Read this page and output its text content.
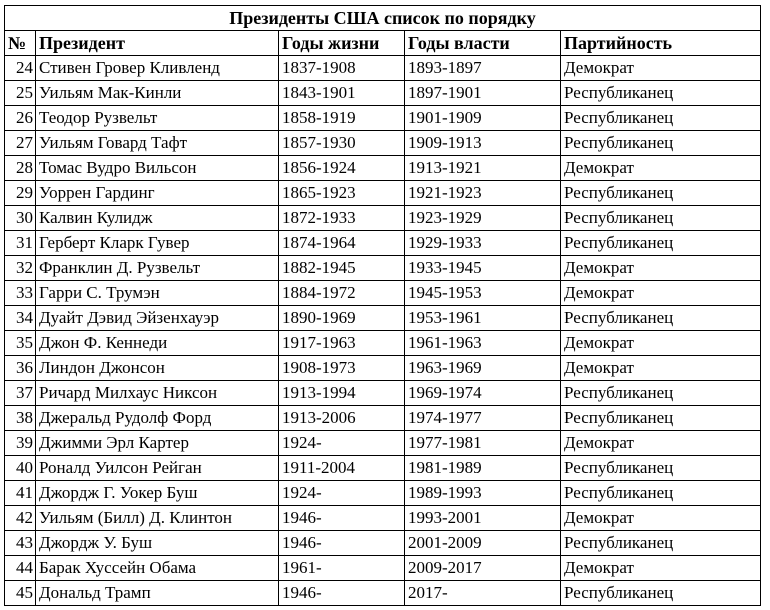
Президенты США список по порядку				
№	Президент	Годы жизни	Годы власти	Партийность
24	Стивен Гровер Кливленд	1837-1908	1893-1897	Демократ
25	Уильям Мак-Кинли	1843-1901	1897-1901	Республиканец
26	Теодор Рузвельт	1858-1919	1901-1909	Республиканец
27	Уильям Говард Тафт	1857-1930	1909-1913	Республиканец
28	Томас Вудро Вильсон	1856-1924	1913-1921	Демократ
29	Уоррен Гардинг	1865-1923	1921-1923	Республиканец
30	Калвин Кулидж	1872-1933	1923-1929	Республиканец
31	Герберт Кларк Гувер	1874-1964	1929-1933	Республиканец
32	Франклин Д. Рузвельт	1882-1945	1933-1945	Демократ
33	Гарри С. Трумэн	1884-1972	1945-1953	Демократ
34	Дуайт Дэвид Эйзенхауэр	1890-1969	1953-1961	Республиканец
35	Джон Ф. Кеннеди	1917-1963	1961-1963	Демократ
36	Линдон Джонсон	1908-1973	1963-1969	Демократ
37	Ричард Милхаус Никсон	1913-1994	1969-1974	Республиканец
38	Джеральд Рудолф Форд	1913-2006	1974-1977	Республиканец
39	Джимми Эрл Картер	1924-	1977-1981	Демократ
40	Роналд Уилсон Рейган	1911-2004	1981-1989	Республиканец
41	Джордж Г. Уокер Буш	1924-	1989-1993	Республиканец
42	Уильям (Билл) Д. Клинтон	1946-	1993-2001	Демократ
43	Джордж У. Буш	1946-	2001-2009	Республиканец
44	Барак Хуссейн Обама	1961-	2009-2017	Демократ
45	Дональд Трамп	1946-	2017-	Республиканец
